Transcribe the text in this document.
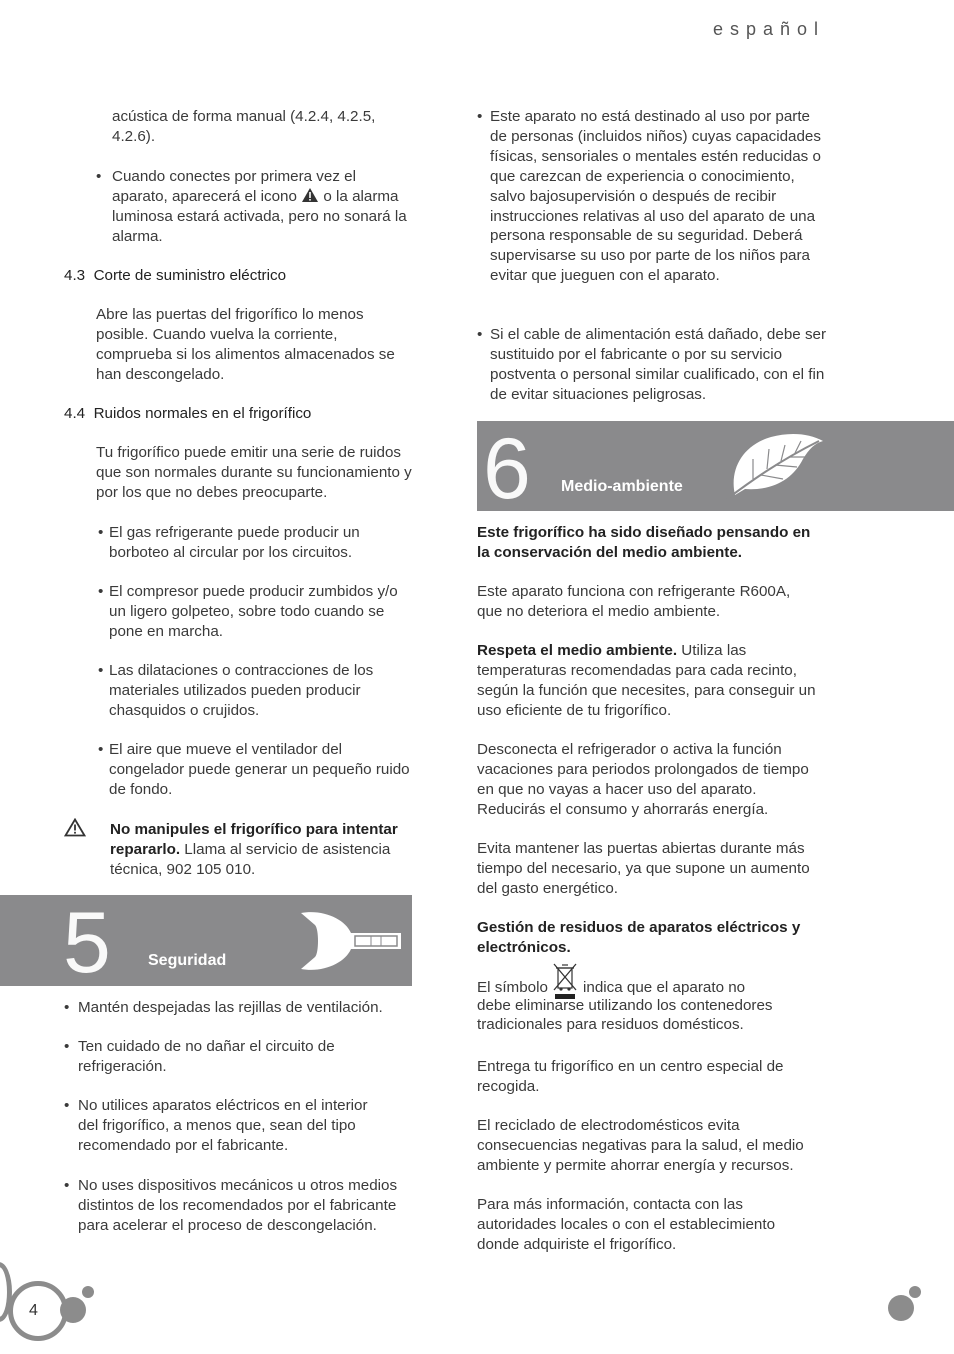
español

acústica de forma manual (4.2.4, 4.2.5, 4.2.6).

• Cuando conectes por primera vez el aparato, aparecerá el icono o la alarma luminosa estará activada, pero no sonará la alarma.

4.3 Corte de suministro eléctrico

Abre las puertas del frigorífico lo menos posible. Cuando vuelva la corriente, comprueba si los alimentos almacenados se han descongelado.

4.4 Ruidos normales en el frigorífico

Tu frigorífico puede emitir una serie de ruidos que son normales durante su funcionamiento y por los que no debes preocuparte.

• El gas refrigerante puede producir un borboteo al circular por los circuitos.

• El compresor puede producir zumbidos y/o un ligero golpeteo, sobre todo cuando se pone en marcha.

• Las dilataciones o contracciones de los materiales utilizados pueden producir chasquidos o crujidos.

• El aire que mueve el ventilador del congelador puede generar un pequeño ruido de fondo.

No manipules el frigorífico para intentar repararlo. Llama al servicio de asistencia técnica, 902 105 010.

5 Seguridad
• Mantén despejadas las rejillas de ventilación.

• Ten cuidado de no dañar el circuito de refrigeración.

• No utilices aparatos eléctricos en el interior del frigorífico, a menos que, sean del tipo recomendado por el fabricante.

• No uses dispositivos mecánicos u otros medios distintos de los recomendados por el fabricante para acelerar el proceso de descongelación.

• Este aparato no está destinado al uso por parte de personas (incluidos niños) cuyas capacidades físicas, sensoriales o mentales estén reducidas o que carezcan de experiencia o conocimiento, salvo bajosupervisión o después de recibir instrucciones relativas al uso del aparato de una persona responsable de su seguridad. Deberá supervisarse su uso por parte de los niños para evitar que jueguen con el aparato.

• Si el cable de alimentación está dañado, debe ser sustituido por el fabricante o por su servicio postventa o personal similar cualificado, con el fin de evitar situaciones peligrosas.

6 Medio-ambiente

Este frigorífico ha sido diseñado pensando en la conservación del medio ambiente.

Este aparato funciona con refrigerante R600A, que no deteriora el medio ambiente.

Respeta el medio ambiente. Utiliza las temperaturas recomendadas para cada recinto, según la función que necesites, para conseguir un uso eficiente de tu frigorífico.

Desconecta el refrigerador o activa la función vacaciones para periodos prolongados de tiempo en que no vayas a hacer uso del aparato. Reducirás el consumo y ahorrarás energía.

Evita mantener las puertas abiertas durante más tiempo del necesario, ya que supone un aumento del gasto energético.

Gestión de residuos de aparatos eléctricos y electrónicos.

El símbolo indica que el aparato no

debe eliminarse utilizando los contenedores tradicionales para residuos domésticos.

Entrega tu frigorífico en un centro especial de recogida.

El reciclado de electrodomésticos evita consecuencias negativas para la salud, el medio ambiente y permite ahorrar energía y recursos.

Para más información, contacta con las autoridades locales o con el establecimiento donde adquiriste el frigorífico.

4
